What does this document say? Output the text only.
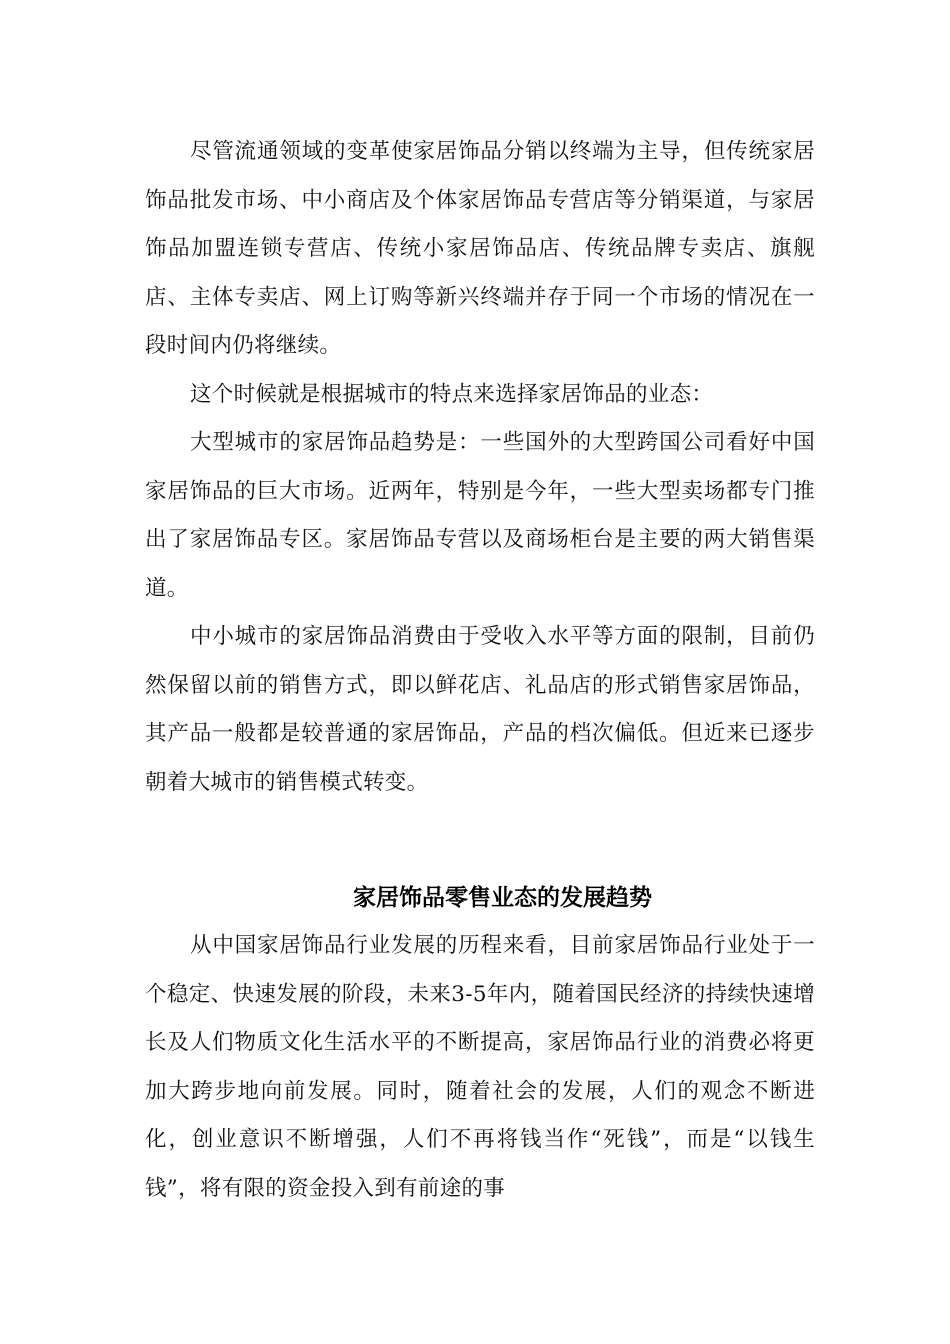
尽管流通领域的变革使家居饰品分销以终端为主导，但传统家居饰品批发市场、中小商店及个体家居饰品专营店等分销渠道，与家居饰品加盟连锁专营店、传统小家居饰品店、传统品牌专卖店、旗舰店、主体专卖店、网上订购等新兴终端并存于同一个市场的情况在一段时间内仍将继续。

这个时候就是根据城市的特点来选择家居饰品的业态：

大型城市的家居饰品趋势是：一些国外的大型跨国公司看好中国家居饰品的巨大市场。近两年，特别是今年，一些大型卖场都专门推出了家居饰品专区。家居饰品专营以及商场柜台是主要的两大销售渠道。

中小城市的家居饰品消费由于受收入水平等方面的限制，目前仍然保留以前的销售方式，即以鲜花店、礼品店的形式销售家居饰品，其产品一般都是较普通的家居饰品，产品的档次偏低。但近来已逐步朝着大城市的销售模式转变。

家居饰品零售业态的发展趋势

从中国家居饰品行业发展的历程来看，目前家居饰品行业处于一个稳定、快速发展的阶段，未来3-5年内，随着国民经济的持续快速增长及人们物质文化生活水平的不断提高，家居饰品行业的消费必将更加大跨步地向前发展。同时，随着社会的发展，人们的观念不断进化，创业意识不断增强，人们不再将钱当作“死钱”，而是“以钱生钱”，将有限的资金投入到有前途的事
